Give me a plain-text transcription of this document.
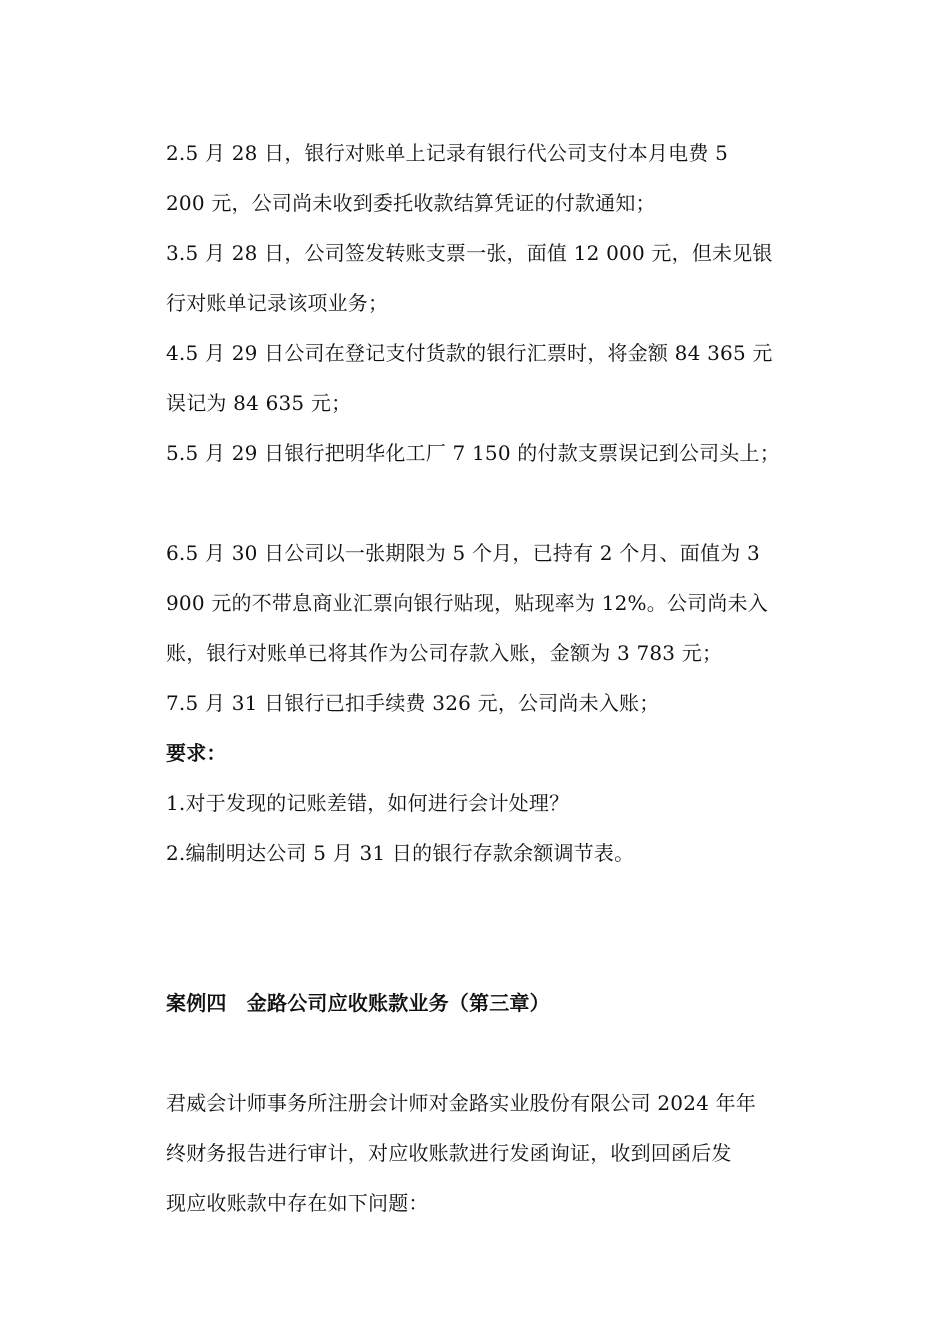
2.5 月 28 日，银行对账单上记录有银行代公司支付本月电费 5
200 元，公司尚未收到委托收款结算凭证的付款通知；
3.5 月 28 日，公司签发转账支票一张，面值 12 000 元，但未见银
行对账单记录该项业务；
4.5 月 29 日公司在登记支付货款的银行汇票时，将金额 84 365 元
误记为 84 635 元；
5.5 月 29 日银行把明华化工厂 7 150 的付款支票误记到公司头上；
6.5 月 30 日公司以一张期限为 5 个月，已持有 2 个月、面值为 3
900 元的不带息商业汇票向银行贴现，贴现率为 12%。公司尚未入
账，银行对账单已将其作为公司存款入账，金额为 3 783 元；
7.5 月 31 日银行已扣手续费 326 元，公司尚未入账；
要求：
1.对于发现的记账差错，如何进行会计处理？
2.编制明达公司 5 月 31 日的银行存款余额调节表。
案例四　金路公司应收账款业务（第三章）
君威会计师事务所注册会计师对金路实业股份有限公司 2024 年年
终财务报告进行审计，对应收账款进行发函询证，收到回函后发
现应收账款中存在如下问题：
